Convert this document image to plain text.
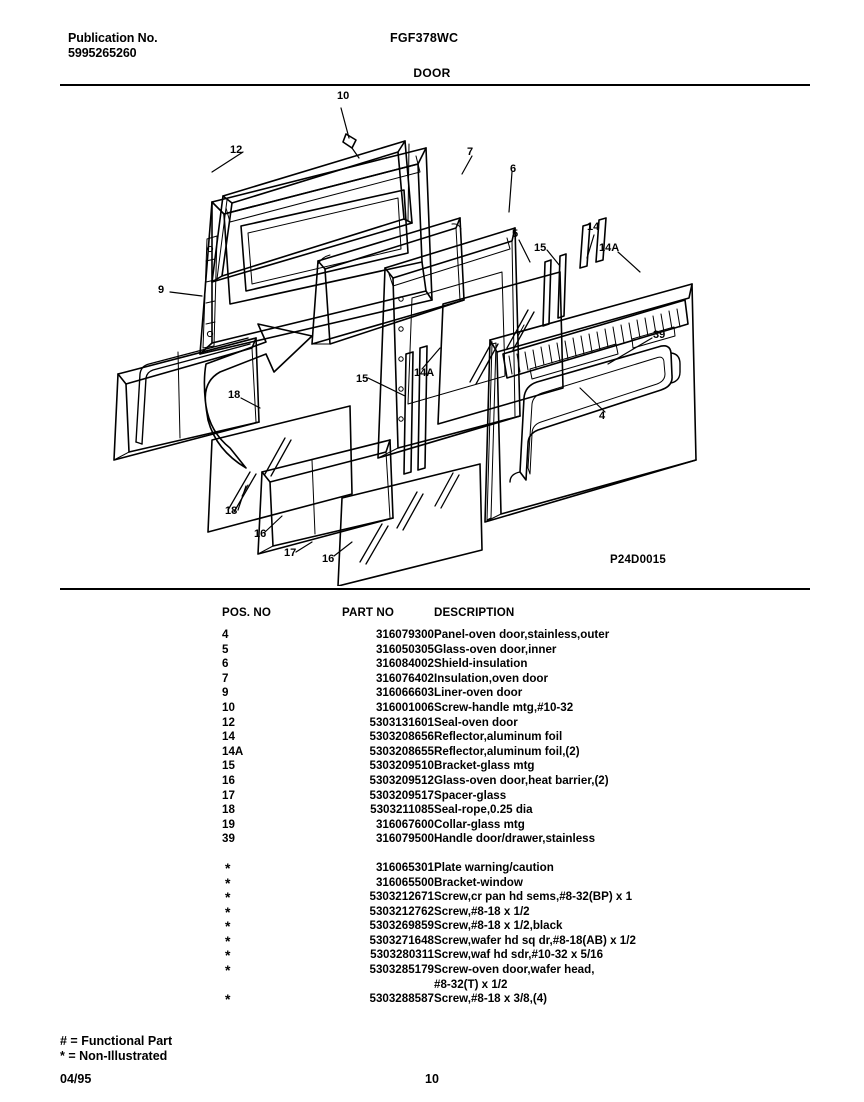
Publication No.
5995265260
FGF378WC
DOOR
10
12	7
6
9
5
15
14
14A
39
4
15	14A
18
18
16
17 16	P24D0015
POS. NO	PART NO	DESCRIPTION
4	316079300	Panel-oven door,stainless,outer
5	316050305	Glass-oven door,inner
6	316084002	Shield-insulation
7	316076402	Insulation,oven door
9	316066603	Liner-oven door
10	316001006	Screw-handle mtg,#10-32
12	5303131601	Seal-oven door
14	5303208656	Reflector,aluminum foil
14A	5303208655	Reflector,aluminum foil,(2)
15	5303209510	Bracket-glass mtg
16	5303209512	Glass-oven door,heat barrier,(2)
17	5303209517	Spacer-glass
18	5303211085	Seal-rope,0.25 dia
19	316067600	Collar-glass mtg
39	316079500	Handle door/drawer,stainless

*	316065301	Plate warning/caution
*	316065500	Bracket-window
*	5303212671	Screw,cr pan hd sems,#8-32(BP) x 1
*	5303212762	Screw,#8-18 x 1/2
*	5303269859	Screw,#8-18 x 1/2,black
*	5303271648	Screw,wafer hd sq dr,#8-18(AB) x 1/2
*	5303280311	Screw,waf hd sdr,#10-32 x 5/16
*	5303285179	Screw-oven door,wafer head,
		#8-32(T) x 1/2
*	5303288587	Screw,#8-18 x 3/8,(4)
# = Functional Part
* = Non-Illustrated
04/95	10
